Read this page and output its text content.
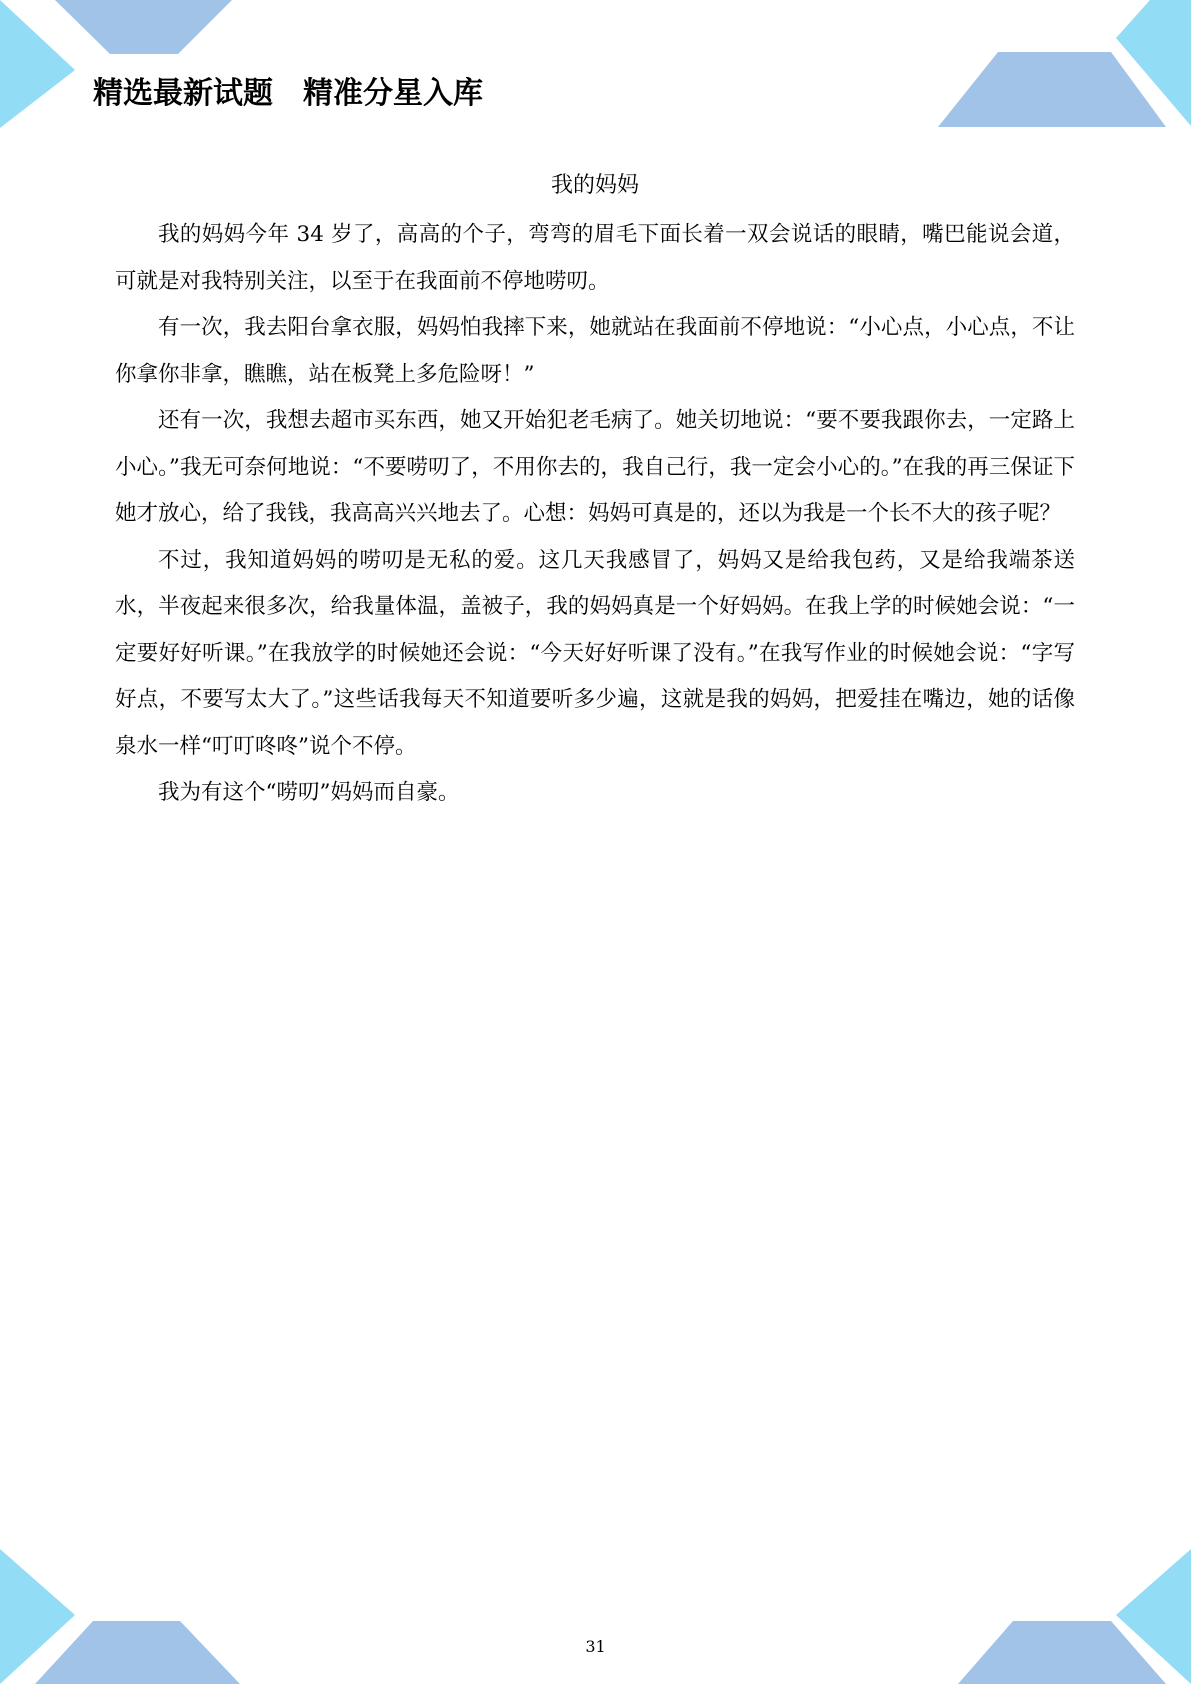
精选最新试题　精准分星入库
我的妈妈

我的妈妈今年 34 岁了，高高的个子，弯弯的眉毛下面长着一双会说话的眼睛，嘴巴能说会道，可就是对我特别关注，以至于在我面前不停地唠叨。

有一次，我去阳台拿衣服，妈妈怕我摔下来，她就站在我面前不停地说：“小心点，小心点，不让你拿你非拿，瞧瞧，站在板凳上多危险呀！”

还有一次，我想去超市买东西，她又开始犯老毛病了。她关切地说：“要不要我跟你去，一定路上小心。”我无可奈何地说：“不要唠叨了，不用你去的，我自己行，我一定会小心的。”在我的再三保证下她才放心，给了我钱，我高高兴兴地去了。心想：妈妈可真是的，还以为我是一个长不大的孩子呢？

不过，我知道妈妈的唠叨是无私的爱。这几天我感冒了，妈妈又是给我包药，又是给我端茶送水，半夜起来很多次，给我量体温，盖被子，我的妈妈真是一个好妈妈。在我上学的时候她会说：“一定要好好听课。”在我放学的时候她还会说：“今天好好听课了没有。”在我写作业的时候她会说：“字写好点，不要写太大了。”这些话我每天不知道要听多少遍，这就是我的妈妈，把爱挂在嘴边，她的话像泉水一样“叮叮咚咚”说个不停。

我为有这个“唠叨”妈妈而自豪。

31
